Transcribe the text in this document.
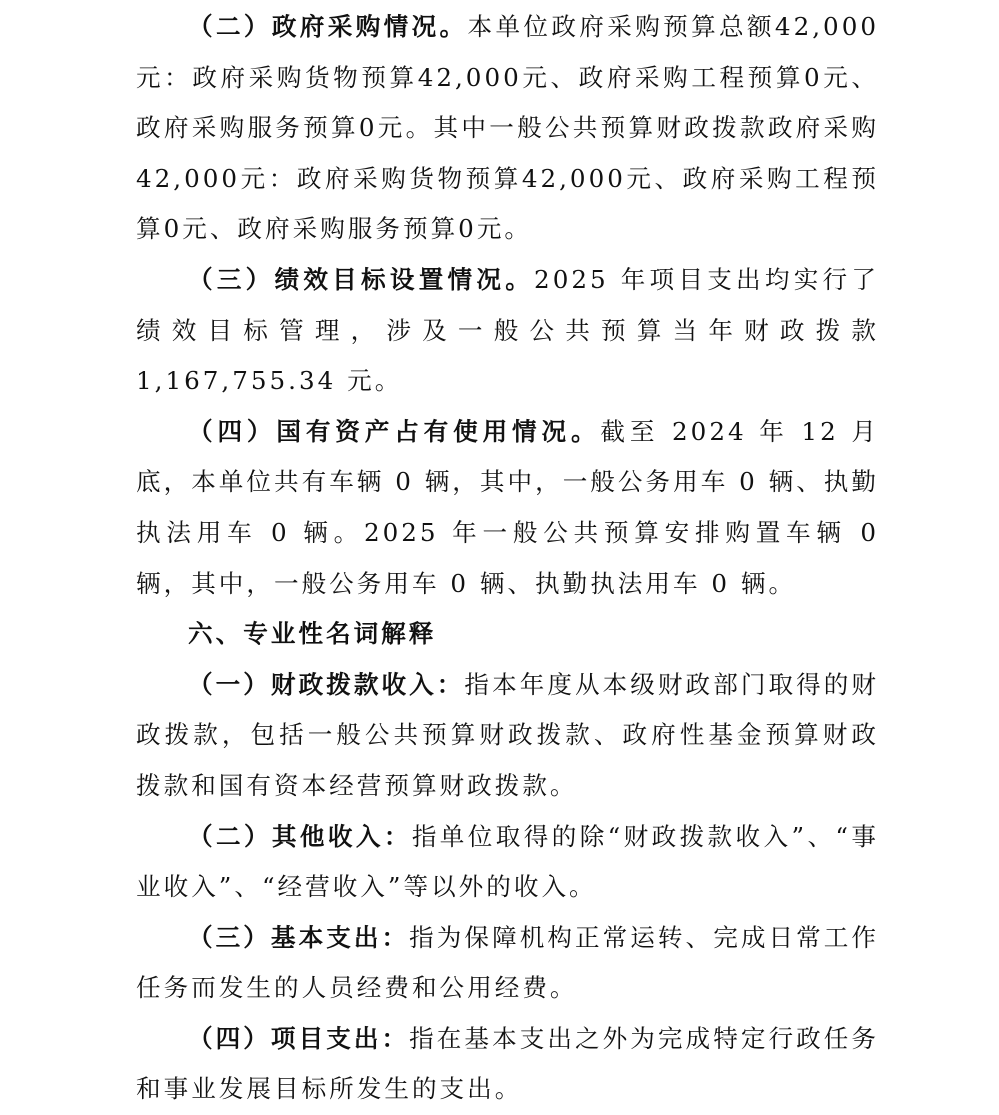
（二）政府采购情况。本单位政府采购预算总额42,000元：政府采购货物预算42,000元、政府采购工程预算0元、政府采购服务预算0元。其中一般公共预算财政拨款政府采购42,000元：政府采购货物预算42,000元、政府采购工程预算0元、政府采购服务预算0元。

（三）绩效目标设置情况。2025 年项目支出均实行了绩效目标管理，涉及一般公共预算当年财政拨款 1,167,755.34 元。

（四）国有资产占有使用情况。截至 2024 年 12 月底，本单位共有车辆 0 辆，其中，一般公务用车 0 辆、执勤执法用车 0 辆。2025 年一般公共预算安排购置车辆 0 辆，其中，一般公务用车 0 辆、执勤执法用车 0 辆。

六、专业性名词解释

（一）财政拨款收入：指本年度从本级财政部门取得的财政拨款，包括一般公共预算财政拨款、政府性基金预算财政拨款和国有资本经营预算财政拨款。

（二）其他收入：指单位取得的除“财政拨款收入”、“事业收入”、“经营收入”等以外的收入。

（三）基本支出：指为保障机构正常运转、完成日常工作任务而发生的人员经费和公用经费。

（四）项目支出：指在基本支出之外为完成特定行政任务和事业发展目标所发生的支出。
